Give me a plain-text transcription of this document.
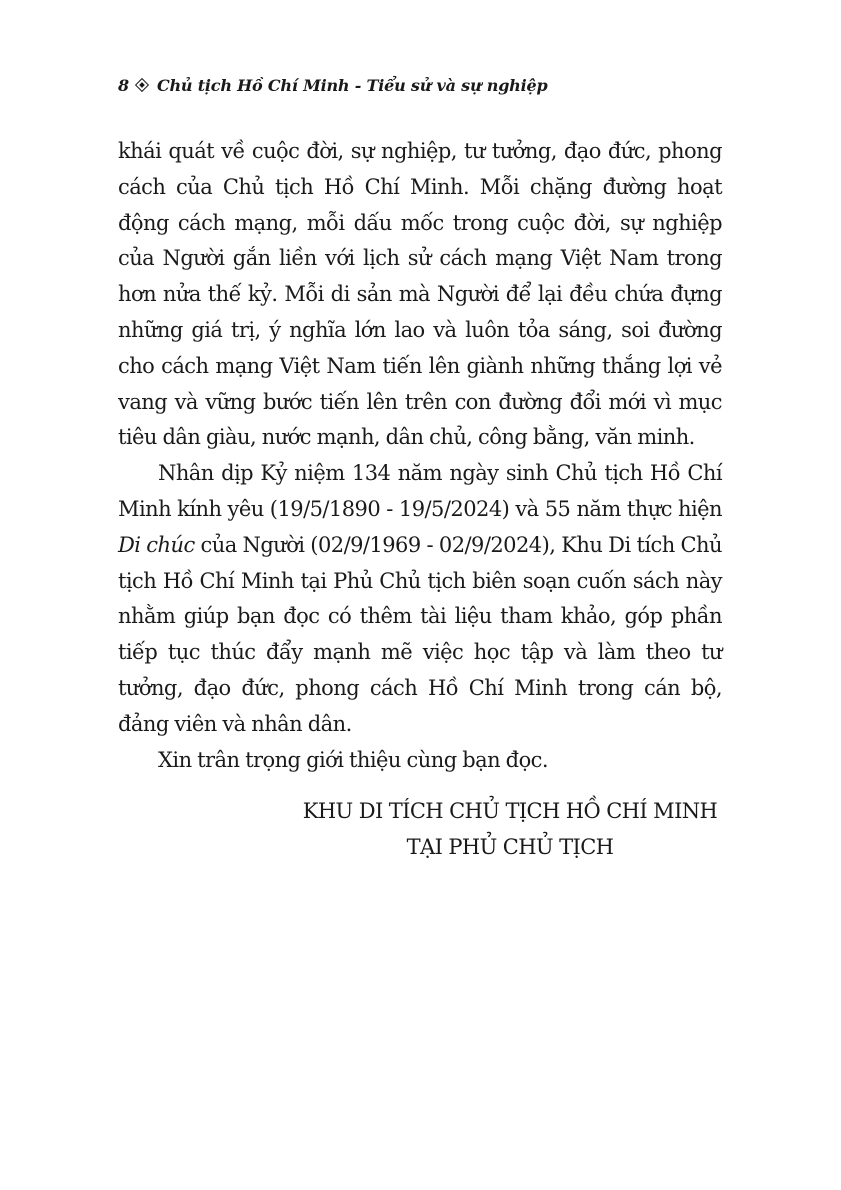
8 Chủ tịch Hồ Chí Minh - Tiểu sử và sự nghiệp

khái quát về cuộc đời, sự nghiệp, tư tưởng, đạo đức, phong cách của Chủ tịch Hồ Chí Minh. Mỗi chặng đường hoạt động cách mạng, mỗi dấu mốc trong cuộc đời, sự nghiệp của Người gắn liền với lịch sử cách mạng Việt Nam trong hơn nửa thế kỷ. Mỗi di sản mà Người để lại đều chứa đựng những giá trị, ý nghĩa lớn lao và luôn tỏa sáng, soi đường cho cách mạng Việt Nam tiến lên giành những thắng lợi vẻ vang và vững bước tiến lên trên con đường đổi mới vì mục tiêu dân giàu, nước mạnh, dân chủ, công bằng, văn minh.

Nhân dịp Kỷ niệm 134 năm ngày sinh Chủ tịch Hồ Chí Minh kính yêu (19/5/1890 - 19/5/2024) và 55 năm thực hiện Di chúc của Người (02/9/1969 - 02/9/2024), Khu Di tích Chủ tịch Hồ Chí Minh tại Phủ Chủ tịch biên soạn cuốn sách này nhằm giúp bạn đọc có thêm tài liệu tham khảo, góp phần tiếp tục thúc đẩy mạnh mẽ việc học tập và làm theo tư tưởng, đạo đức, phong cách Hồ Chí Minh trong cán bộ, đảng viên và nhân dân.

Xin trân trọng giới thiệu cùng bạn đọc.

KHU DI TÍCH CHỦ TỊCH HỒ CHÍ MINH
TẠI PHỦ CHỦ TỊCH
